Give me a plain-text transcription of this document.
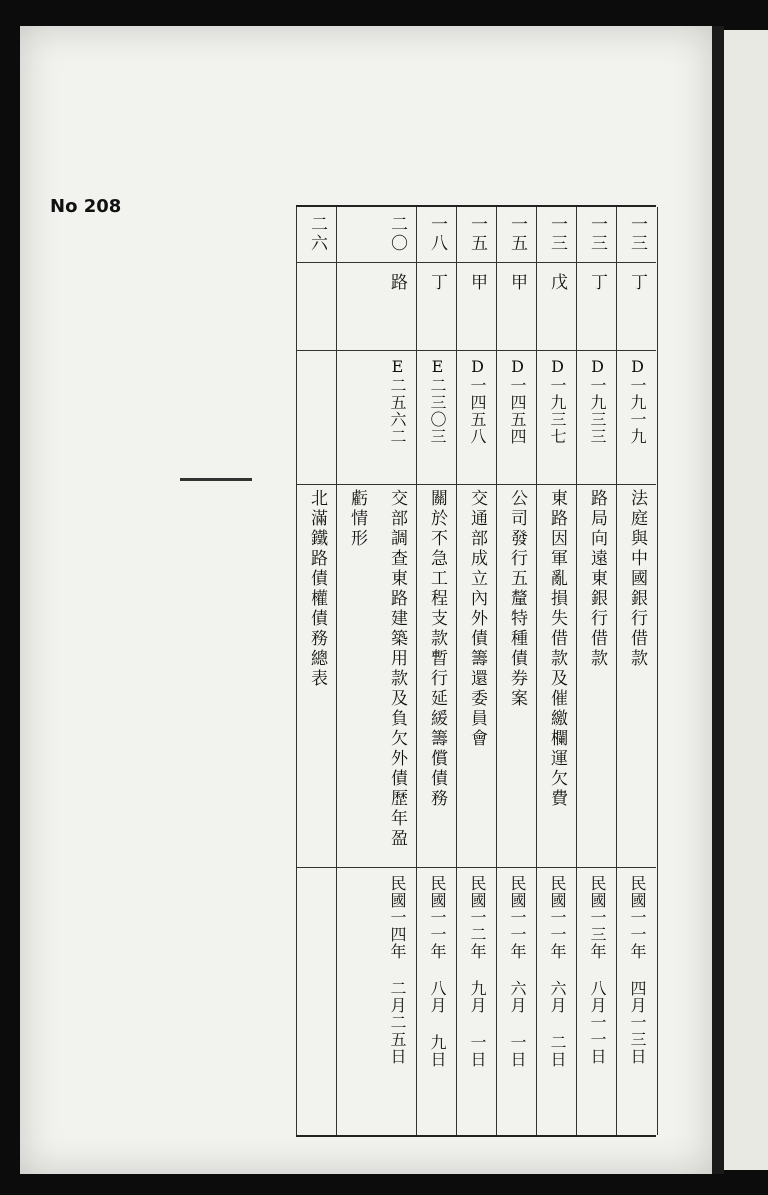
No 208
一三
丁
D一九一九
法庭與中國銀行借款
民國一一年 四月一三日
一三
丁
D一九三三
路局向遠東銀行借款
民國一三年 八月一一日
一三
戊
D一九三七
東路因軍亂損失借款及催繳欄運欠費
民國一一年 六月 二日
一五
甲
D一四五四
公司發行五釐特種債券案
民國一一年 六月 一日
一五
甲
D一四五八
交通部成立內外債籌還委員會
民國一二年 九月 一日
一八
丁
E二三〇三
關於不急工程支款暫行延緩籌償債務
民國一一年 八月 九日
二〇
路
E二五六二
交部調查東路建築用款及負欠外債歷年盈虧情形
民國一四年 二月二五日
二六
北滿鐵路債權債務總表
